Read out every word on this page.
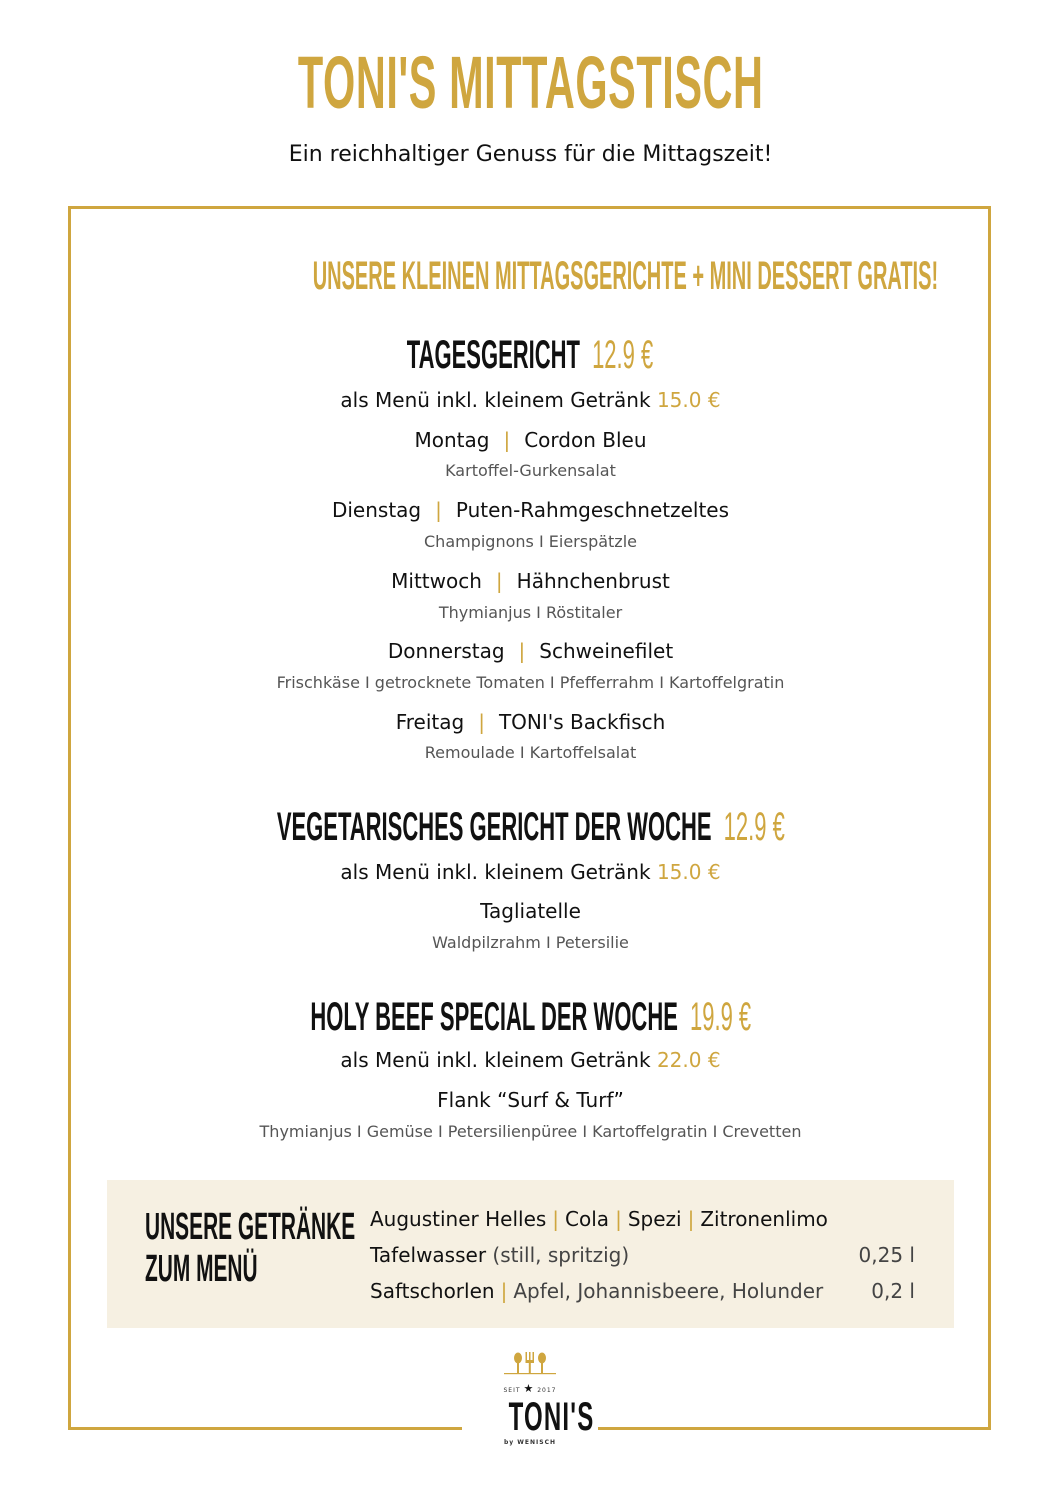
TONI'S MITTAGSTISCH
Ein reichhaltiger Genuss für die Mittagszeit!
UNSERE KLEINEN MITTAGSGERICHTE + MINI DESSERT GRATIS!
TAGESGERICHT 12.9 €
als Menü inkl. kleinem Getränk 15.0 €
Montag | Cordon Bleu
Kartoffel-Gurkensalat
Dienstag | Puten-Rahmgeschnetzeltes
Champignons I Eierspätzle
Mittwoch | Hähnchenbrust
Thymianjus I Röstitaler
Donnerstag | Schweinefilet
Frischkäse I getrocknete Tomaten I Pfefferrahm I Kartoffelgratin
Freitag | TONI's Backfisch
Remoulade I Kartoffelsalat
VEGETARISCHES GERICHT DER WOCHE 12.9 €
als Menü inkl. kleinem Getränk 15.0 €
Tagliatelle
Waldpilzrahm I Petersilie
HOLY BEEF SPECIAL DER WOCHE 19.9 €
als Menü inkl. kleinem Getränk 22.0 €
Flank “Surf & Turf”
Thymianjus I Gemüse I Petersilienpüree I Kartoffelgratin I Crevetten
UNSERE GETRÄNKE
ZUM MENÜ
Augustiner Helles | Cola | Spezi | Zitronenlimo
Tafelwasser (still, spritzig)	0,25 l
Saftschorlen | Apfel, Johannisbeere, Holunder 0,2 l
SEIT ★ 2017
TONI'S
by WENISCH
